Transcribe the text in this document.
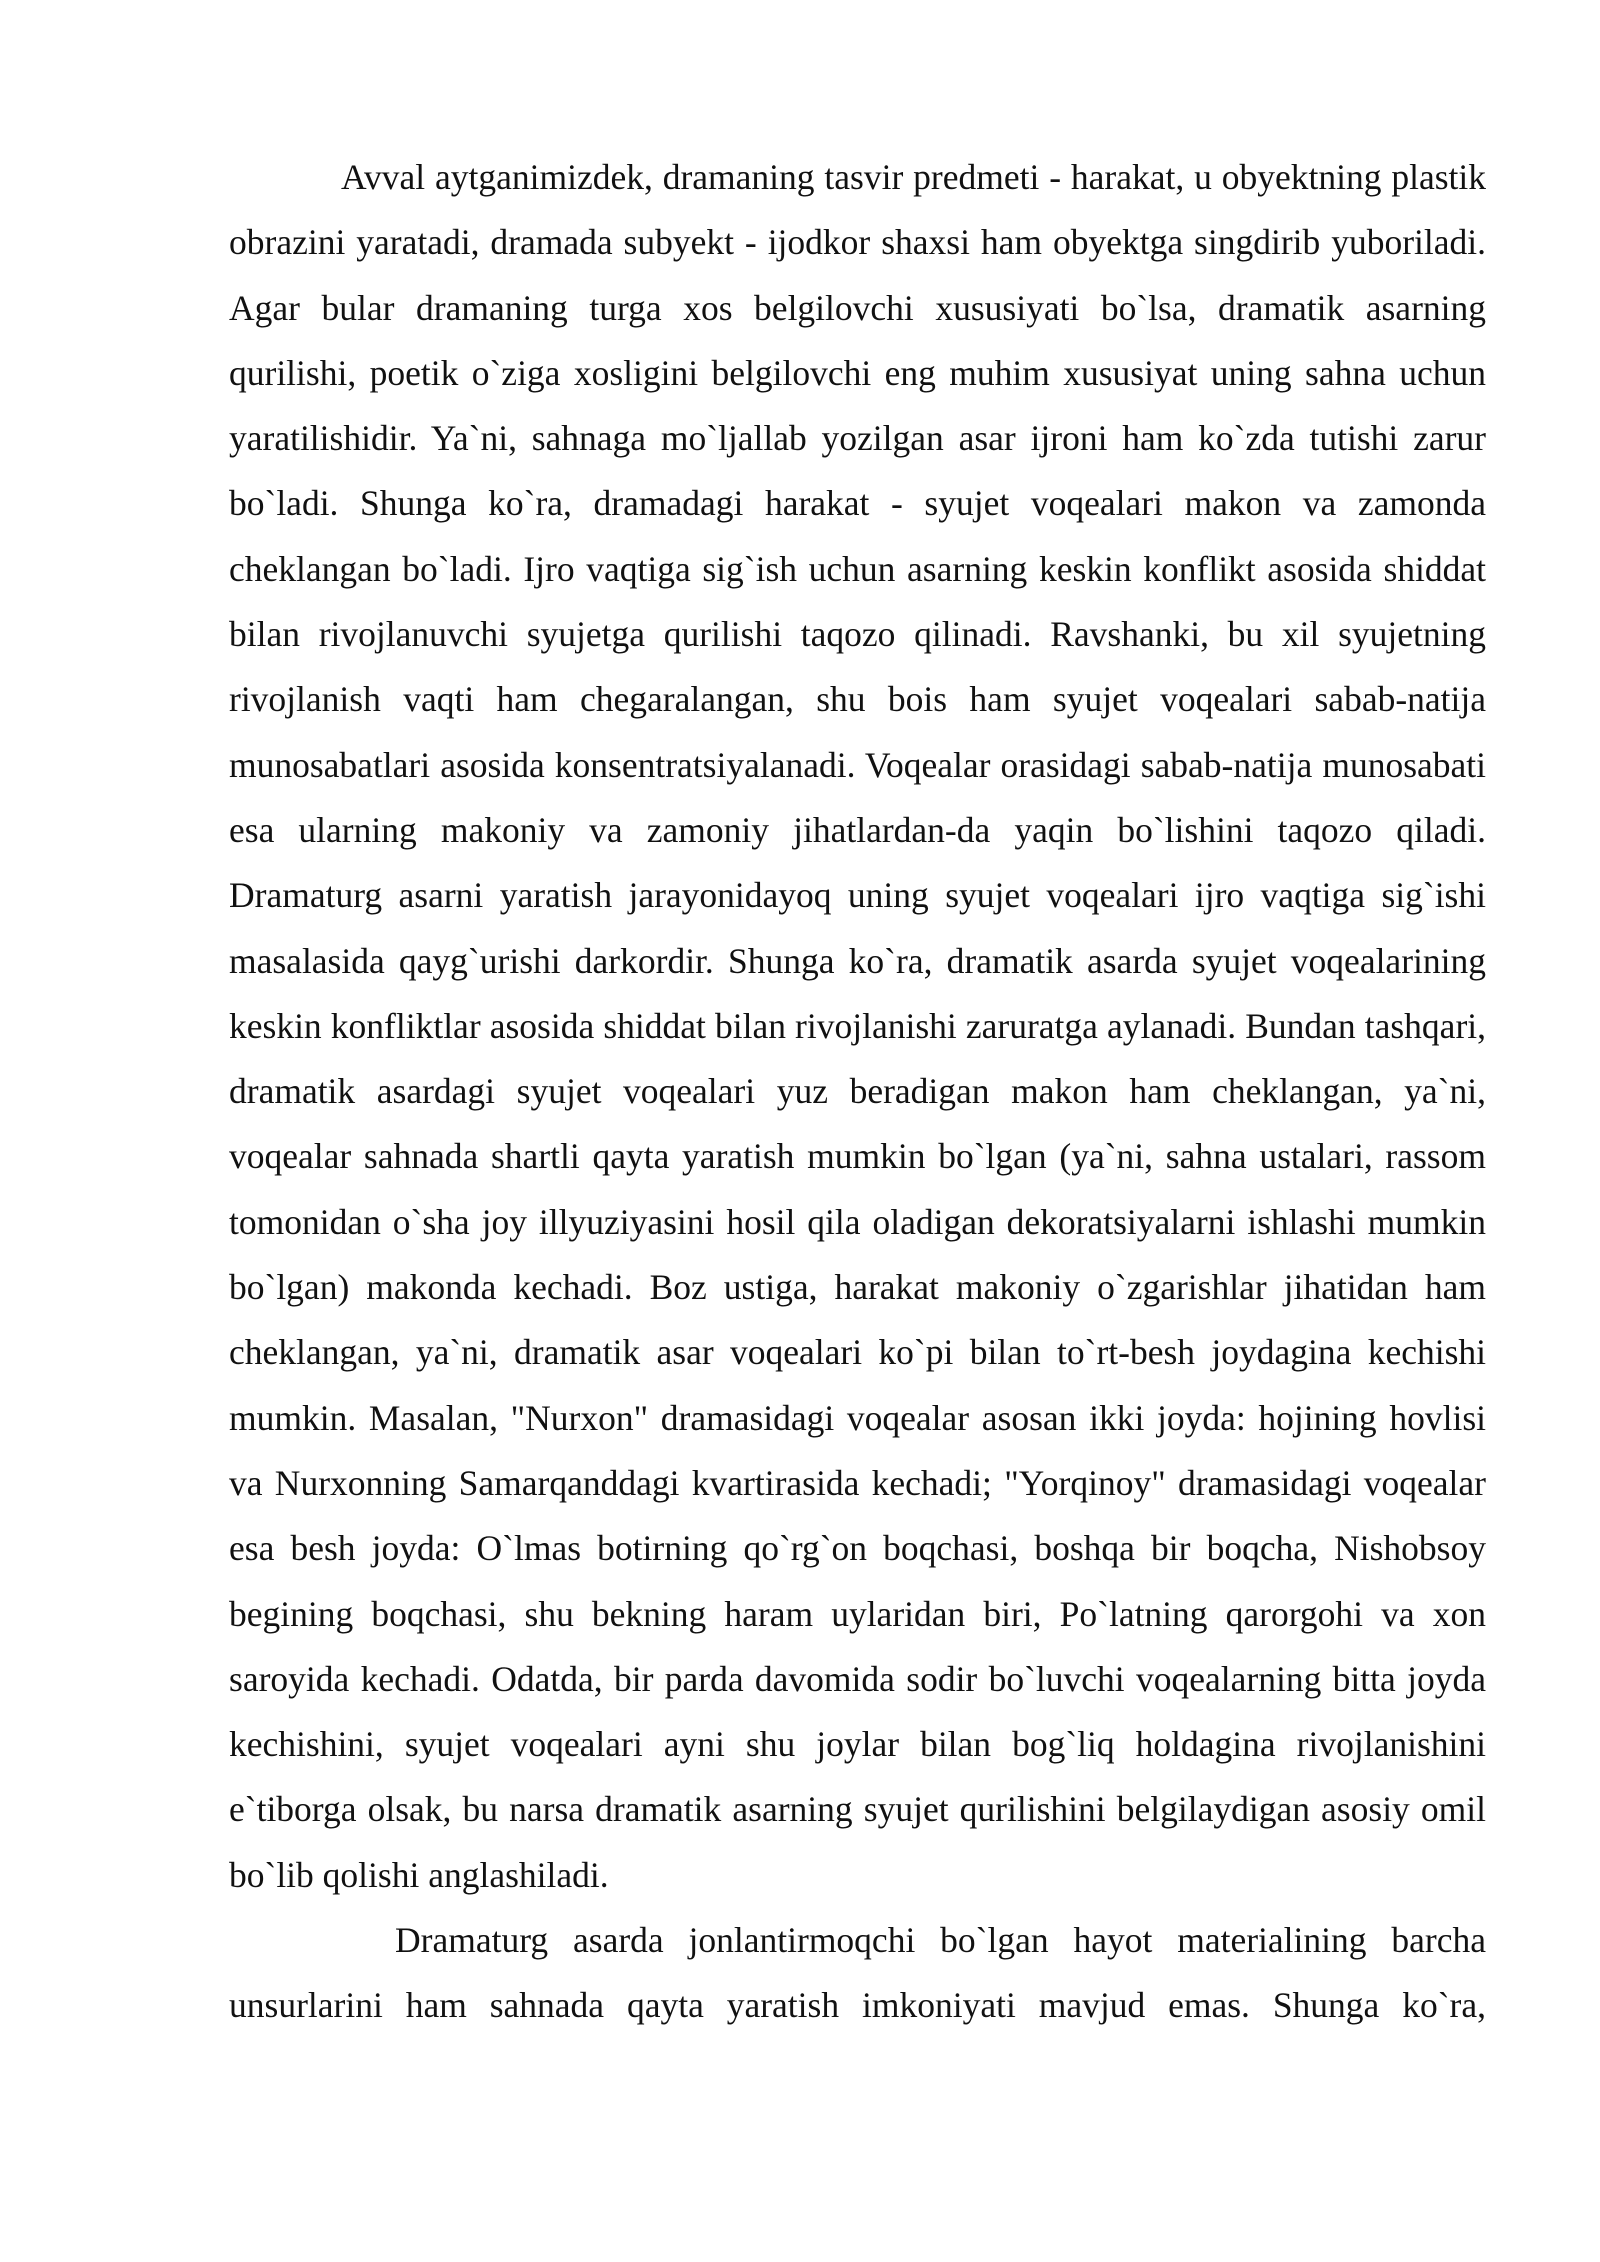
Avval aytganimizdek, dramaning tasvir predmeti - harakat, u obyektning plastik obrazini yaratadi, dramada subyekt - ijodkor shaxsi ham obyektga singdirib yuboriladi. Agar bular dramaning turga xos belgilovchi xususiyati bo`lsa, dramatik asarning qurilishi, poetik o`ziga xosligini belgilovchi eng muhim xususiyat uning sahna uchun yaratilishidir. Ya`ni, sahnaga mo`ljallab yozilgan asar ijroni ham ko`zda tutishi zarur bo`ladi. Shunga ko`ra, dramadagi harakat - syujet voqealari makon va zamonda cheklangan bo`ladi. Ijro vaqtiga sig`ish uchun asarning keskin konflikt asosida shiddat bilan rivojlanuvchi syujetga qurilishi taqozo qilinadi. Ravshanki, bu xil syujetning rivojlanish vaqti ham chegaralangan, shu bois ham syujet voqealari sabab-natija munosabatlari asosida konsentratsiyalanadi. Voqealar orasidagi sabab-natija munosabati esa ularning makoniy va zamoniy jihatlardan-da yaqin bo`lishini taqozo qiladi. Dramaturg asarni yaratish jarayonidayoq uning syujet voqealari ijro vaqtiga sig`ishi masalasida qayg`urishi darkordir. Shunga ko`ra, dramatik asarda syujet voqealarining keskin konfliktlar asosida shiddat bilan rivojlanishi zaruratga aylanadi. Bundan tashqari, dramatik asardagi syujet voqealari yuz beradigan makon ham cheklangan, ya`ni, voqealar sahnada shartli qayta yaratish mumkin bo`lgan (ya`ni, sahna ustalari, rassom tomonidan o`sha joy illyuziyasini hosil qila oladigan dekoratsiyalarni ishlashi mumkin bo`lgan) makonda kechadi. Boz ustiga, harakat makoniy o`zgarishlar jihatidan ham cheklangan, ya`ni, dramatik asar voqealari ko`pi bilan to`rt-besh joydagina kechishi mumkin. Masalan, "Nurxon" dramasidagi voqealar asosan ikki joyda: hojining hovlisi va Nurxonning Samarqanddagi kvartirasida kechadi; "Yorqinoy" dramasidagi voqealar esa besh joyda: O`lmas botirning qo`rg`on boqchasi, boshqa bir boqcha, Nishobsoy begining boqchasi, shu bekning haram uylaridan biri, Po`latning qarorgohi va xon saroyida kechadi. Odatda, bir parda davomida sodir bo`luvchi voqealarning bitta joyda kechishini, syujet voqealari ayni shu joylar bilan bog`liq holdagina rivojlanishini e`tiborga olsak, bu narsa dramatik asarning syujet qurilishini belgilaydigan asosiy omil bo`lib qolishi anglashiladi.

Dramaturg asarda jonlantirmoqchi bo`lgan hayot materialining barcha unsurlarini ham sahnada qayta yaratish imkoniyati mavjud emas. Shunga ko`ra,
